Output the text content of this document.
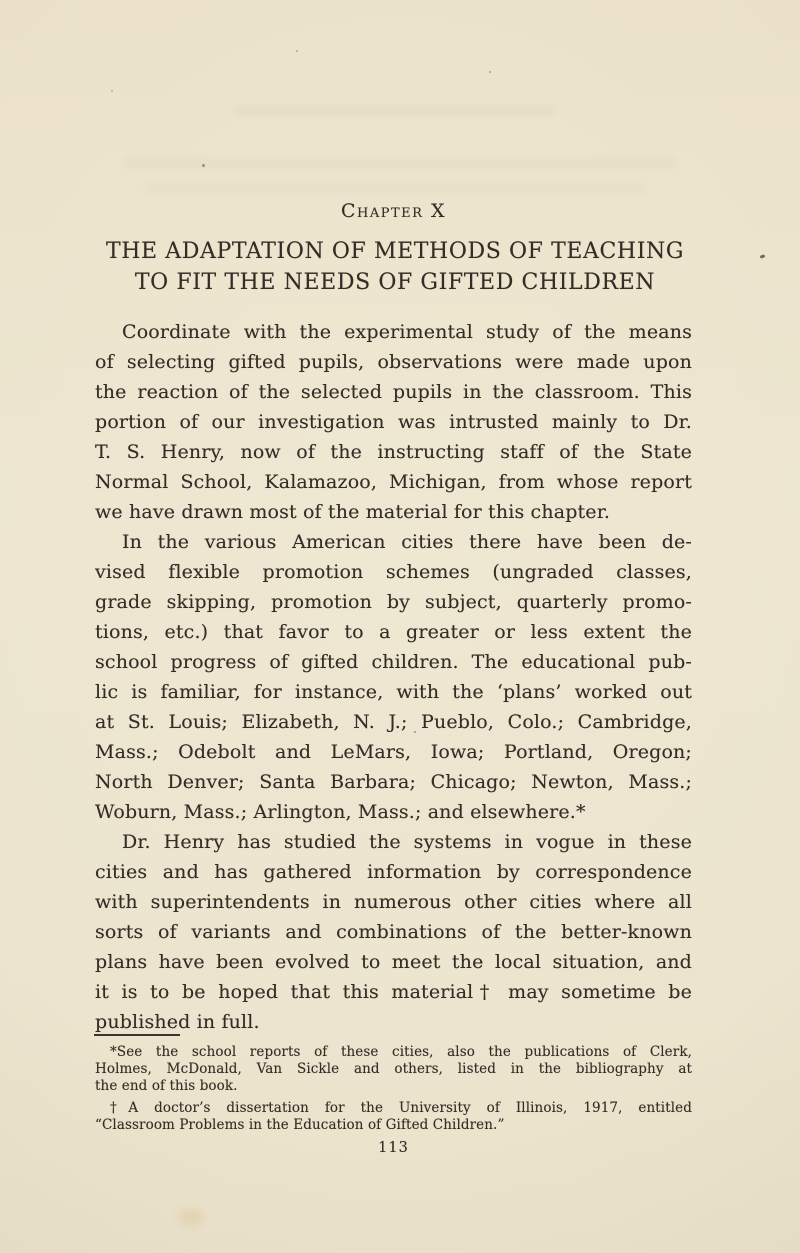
Chapter X
THE ADAPTATION OF METHODS OF TEACHING
TO FIT THE NEEDS OF GIFTED CHILDREN
Coordinate with the experimental study of the means
of selecting gifted pupils, observations were made upon
the reaction of the selected pupils in the classroom. This
portion of our investigation was intrusted mainly to Dr.
T. S. Henry, now of the instructing staff of the State
Normal School, Kalamazoo, Michigan, from whose report
we have drawn most of the material for this chapter.
In the various American cities there have been de-
vised flexible promotion schemes (ungraded classes,
grade skipping, promotion by subject, quarterly promo-
tions, etc.) that favor to a greater or less extent the
school progress of gifted children. The educational pub-
lic is familiar, for instance, with the ‘plans’ worked out
at St. Louis; Elizabeth, N. J.; Pueblo, Colo.; Cambridge,
Mass.; Odebolt and LeMars, Iowa; Portland, Oregon;
North Denver; Santa Barbara; Chicago; Newton, Mass.;
Woburn, Mass.; Arlington, Mass.; and elsewhere.*
Dr. Henry has studied the systems in vogue in these
cities and has gathered information by correspondence
with superintendents in numerous other cities where all
sorts of variants and combinations of the better-known
plans have been evolved to meet the local situation, and
it is to be hoped that this material† may sometime be
published in full.
*See the school reports of these cities, also the publications of Clerk,
Holmes, McDonald, Van Sickle and others, listed in the bibliography at
the end of this book.
†A doctor’s dissertation for the University of Illinois, 1917, entitled
“Classroom Problems in the Education of Gifted Children.”
113
